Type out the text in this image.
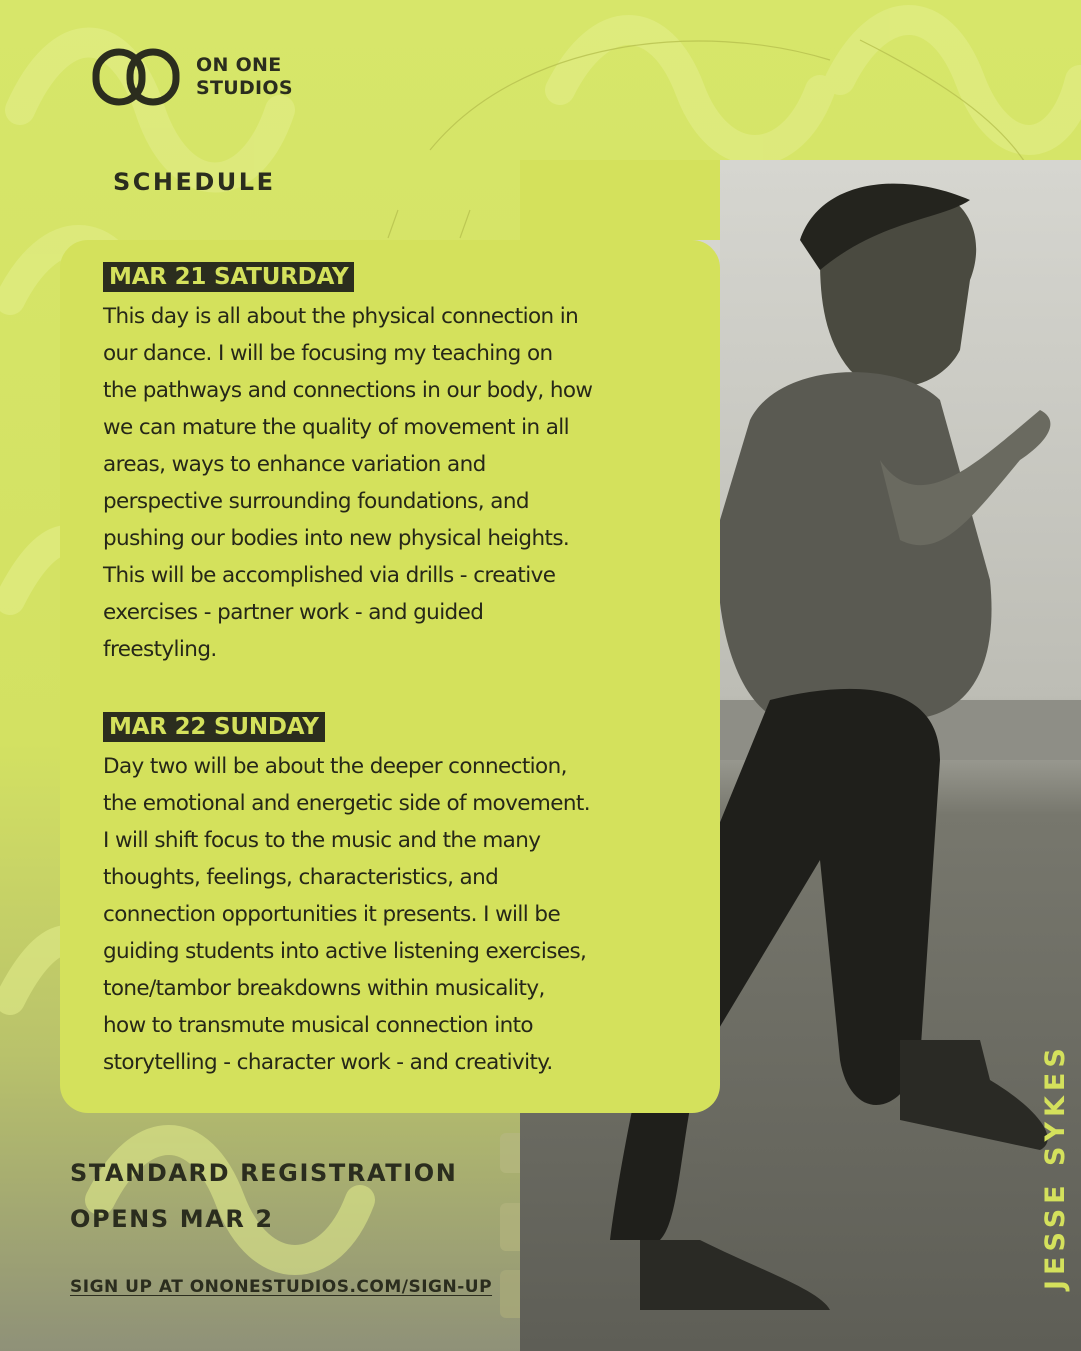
ON ONE
STUDIOS
SCHEDULE
MAR 21 SATURDAY

This day is all about the physical connection in
our dance. I will be focusing my teaching on
the pathways and connections in our body, how
we can mature the quality of movement in all
areas, ways to enhance variation and
perspective surrounding foundations, and
pushing our bodies into new physical heights.
This will be accomplished via drills - creative
exercises - partner work - and guided
freestyling.

MAR 22 SUNDAY

Day two will be about the deeper connection,
the emotional and energetic side of movement.
I will shift focus to the music and the many
thoughts, feelings, characteristics, and
connection opportunities it presents. I will be
guiding students into active listening exercises,
tone/tambor breakdowns within musicality,
how to transmute musical connection into
storytelling - character work - and creativity.

STANDARD REGISTRATION
OPENS MAR 2
SIGN UP AT ONONESTUDIOS.COM/SIGN-UP	JESSE SYKES
